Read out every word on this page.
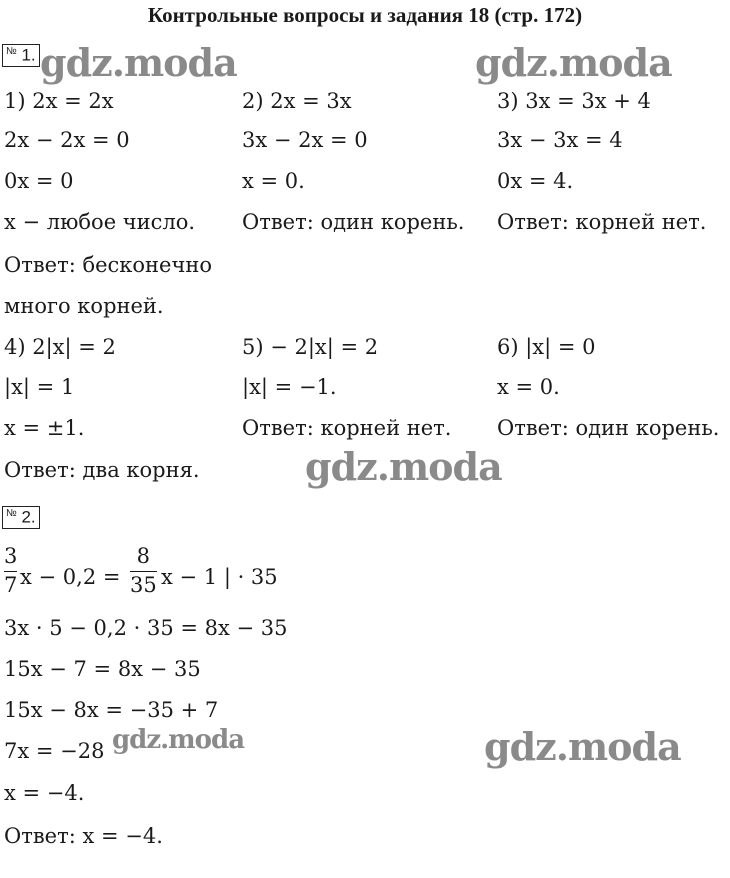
Контрольные вопросы и задания 18 (стр. 172)
gdz.moda	gdz.moda
gdz.moda
gdz.moda	gdz.moda
№ 1.
1) 2x = 2x
2x − 2x = 0
0x = 0
x − любое число.
Ответ: бесконечно
много корней.
2) 2x = 3x
3x − 2x = 0
x = 0.
Ответ: один корень.
3) 3x = 3x + 4
3x − 3x = 4
0x = 4.
Ответ: корней нет.
4) 2|x| = 2
|x| = 1
x = ±1.
Ответ: два корня.
5) − 2|x| = 2
|x| = −1.
Ответ: корней нет.
6) |x| = 0
x = 0.
Ответ: один корень.
№ 2.
3
7 x − 0,2 =
8
35 x − 1 | · 35
3x · 5 − 0,2 · 35 = 8x − 35
15x − 7 = 8x − 35
15x − 8x = −35 + 7
7x = −28
x = −4.
Ответ: x = −4.
